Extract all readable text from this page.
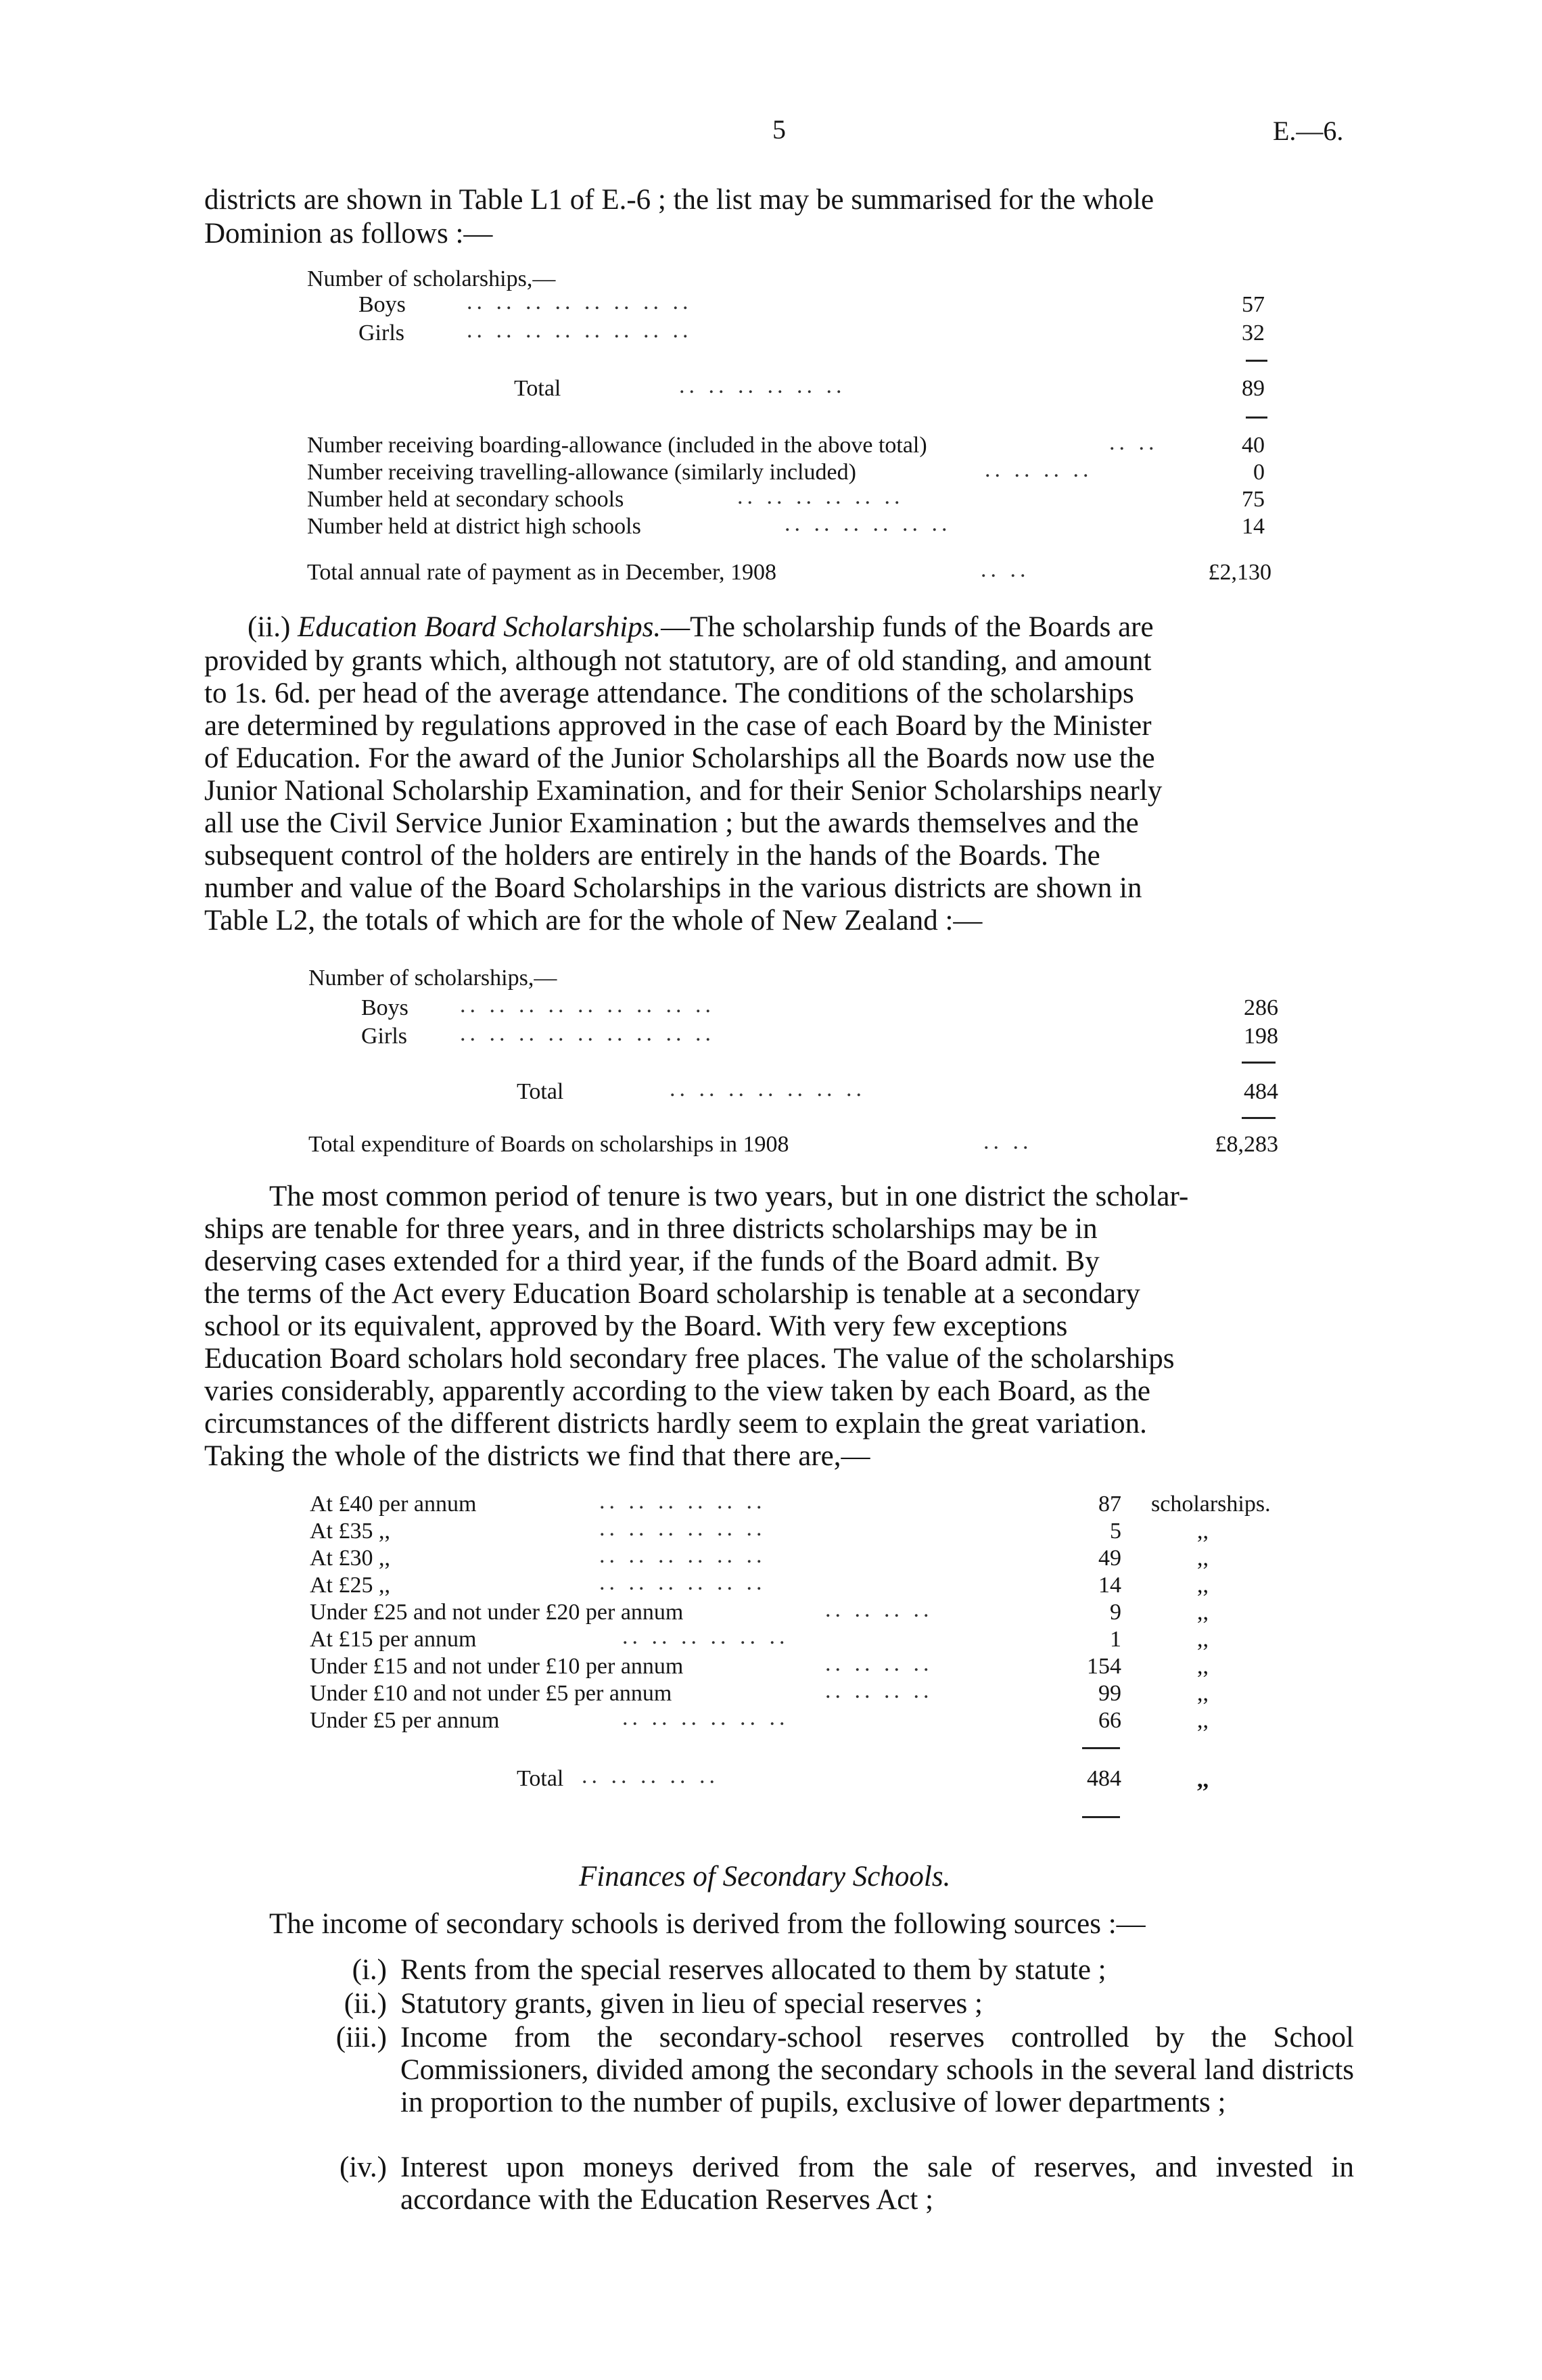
5	E.—6.
districts are shown in Table L1 of E.-6 ; the list may be summarised for the whole
Dominion as follows :—
Number of scholarships,—
Boys	.. .. .. .. .. .. .. ..	57
Girls	.. .. .. .. .. .. .. ..	32
Total	.. .. .. .. .. ..	89
Number receiving boarding-allowance (included in the above total)	.. ..	40
Number receiving travelling-allowance (similarly included)	.. .. .. ..	0
Number held at secondary schools	.. .. .. .. .. ..	75
Number held at district high schools	.. .. .. .. .. ..	14
Total annual rate of payment as in December, 1908	.. ..	£2,130
(ii.) Education Board Scholarships.—The scholarship funds of the Boards are
provided by grants which, although not statutory, are of old standing, and amount
to 1s. 6d. per head of the average attendance. The conditions of the scholarships
are determined by regulations approved in the case of each Board by the Minister
of Education. For the award of the Junior Scholarships all the Boards now use the
Junior National Scholarship Examination, and for their Senior Scholarships nearly
all use the Civil Service Junior Examination ; but the awards themselves and the
subsequent control of the holders are entirely in the hands of the Boards. The
number and value of the Board Scholarships in the various districts are shown in
Table L2, the totals of which are for the whole of New Zealand :—
Number of scholarships,—
Boys .. .. .. .. .. .. .. .. ..	286
Girls .. .. .. .. .. .. .. .. ..	198
Total	.. .. .. .. .. .. ..	484
Total expenditure of Boards on scholarships in 1908	.. ..	£8,283
The most common period of tenure is two years, but in one district the scholar-
ships are tenable for three years, and in three districts scholarships may be in
deserving cases extended for a third year, if the funds of the Board admit. By
the terms of the Act every Education Board scholarship is tenable at a secondary
school or its equivalent, approved by the Board. With very few exceptions
Education Board scholars hold secondary free places. The value of the scholarships
varies considerably, apparently according to the view taken by each Board, as the
circumstances of the different districts hardly seem to explain the great variation.
Taking the whole of the districts we find that there are,—
At £40 per annum	.. .. .. .. .. ..	87 scholarships.
At £35 ,,	.. .. .. .. .. ..	5	,,
At £30 ,,	.. .. .. .. .. ..	49	,,
At £25 ,,	.. .. .. .. .. ..	14	,,
Under £25 and not under £20 per annum	.. .. .. ..	9	,,
At £15 per annum	.. .. .. .. .. ..	1	,,
Under £15 and not under £10 per annum	.. .. .. ..	154	,,
Under £10 and not under £5 per annum	.. .. .. ..	99	,,
Under £5 per annum	.. .. .. .. .. ..	66	,,
Total .. .. .. .. ..	484	,,
Finances of Secondary Schools.
The income of secondary schools is derived from the following sources :—
(i.) Rents from the special reserves allocated to them by statute ;
(ii.) Statutory grants, given in lieu of special reserves ;
(iii.) Income from the secondary-school reserves controlled by the School Commissioners, divided among the secondary schools in the several land districts in proportion to the number of pupils, exclusive of lower departments ;
(iv.) Interest upon moneys derived from the sale of reserves, and invested in accordance with the Education Reserves Act ;
